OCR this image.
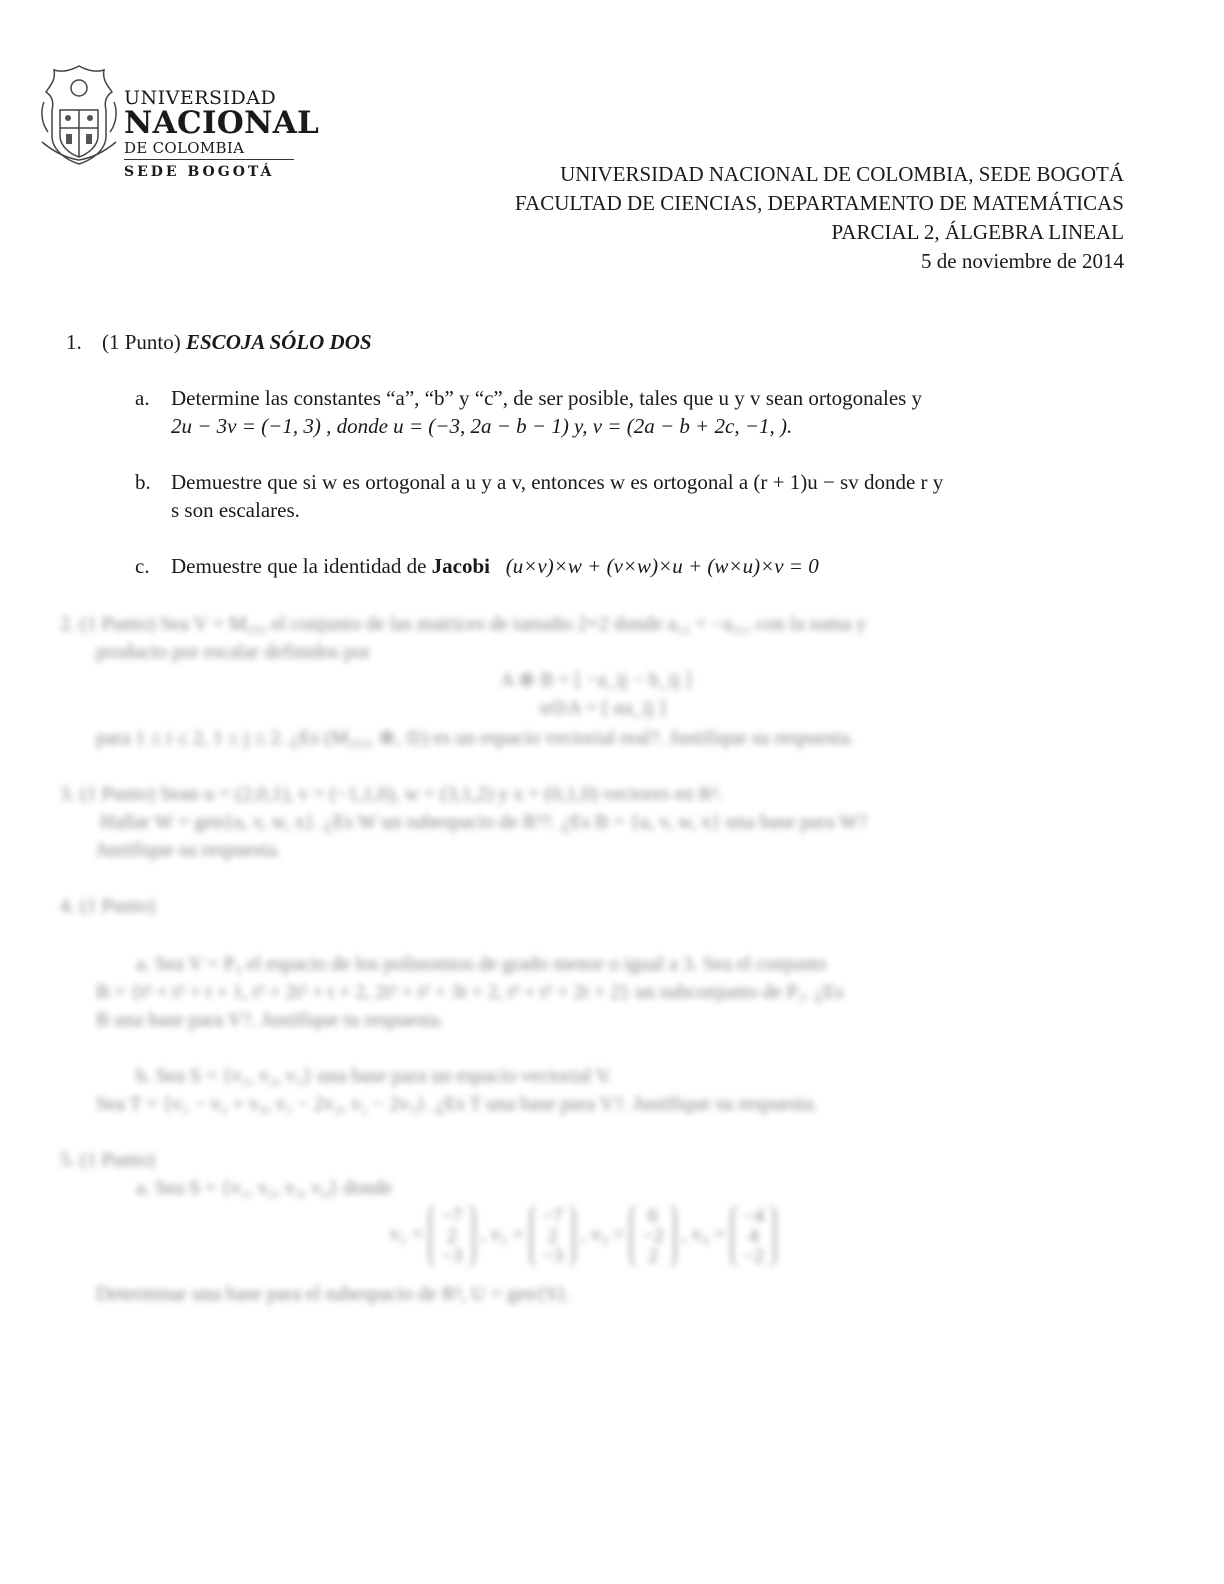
UNIVERSIDAD
NACIONAL
DE COLOMBIA
SEDE BOGOTÁ	UNIVERSIDAD NACIONAL DE COLOMBIA, SEDE BOGOTÁ
FACULTAD DE CIENCIAS, DEPARTAMENTO DE MATEMÁTICAS
PARCIAL 2, ÁLGEBRA LINEAL
5 de noviembre de 2014
1. (1 Punto) ESCOJA SÓLO DOS
a. Determine las constantes “a”, “b” y “c”, de ser posible, tales que u y v sean ortogonales y
2u − 3v = (−1, 3) , donde u = (−3, 2a − b − 1) y, v = (2a − b + 2c, −1, ).
b. Demuestre que si w es ortogonal a u y a v, entonces w es ortogonal a (r + 1)u − sv donde r y
s son escalares.
c. Demuestre que la identidad de Jacobi (u×v)×w + (v×w)×u + (w×u)×v = 0
2. (1 Punto) Sea V = M₂ₓ₂ el conjunto de las matrices de tamaño 2×2 donde a₁₂ = −a₂₁, con la suma y
producto por escalar definidos por
A ⊕ B = [ −a_ij − b_ij ]
α⊙A = [ αa_ij ]
para 1 ≤ i ≤ 2, 1 ≤ j ≤ 2. ¿Es (M₂ₓ₂, ⊕, ⊙) es un espacio vectorial real?. Justifique su respuesta.
3. (1 Punto) Sean u = (2,0,1), v = (−1,1,0), w = (3,1,2) y x = (0,1,0) vectores en R³.
Hallar W = gen{u, v, w, x}. ¿Es W un subespacio de R³?. ¿Es B = {u, v, w, x} una base para W?
Justifique su respuesta.
4. (1 Punto)
a. Sea V = P₃ el espacio de los polinomios de grado menor o igual a 3. Sea el conjunto
B = {t³ + t² + t + 1, t³ + 2t² + t + 2, 2t³ + t² + 3t + 2, t³ + t² + 2t + 2} un subconjunto de P₃. ¿Es
B una base para V?. Justifique tu respuesta.
b. Sea S = {v₁, v₂, v₃} una base para un espacio vectorial V.
Sea T = {v₁ − v₂ + v₃, v₁ − 2v₂, v₁ − 2v₃}. ¿Es T una base para V?. Justifique su respuesta.
5. (1 Punto)
a. Sea S = {v₁, v₂, v₃, v₄} donde
v₁ =−7
2
−3, v₂ =−7
2
−3, v₃ =6
−2
2, v₄ =−4
4
−2
Determinar una base para el subespacio de R³, U = gen{S}.
